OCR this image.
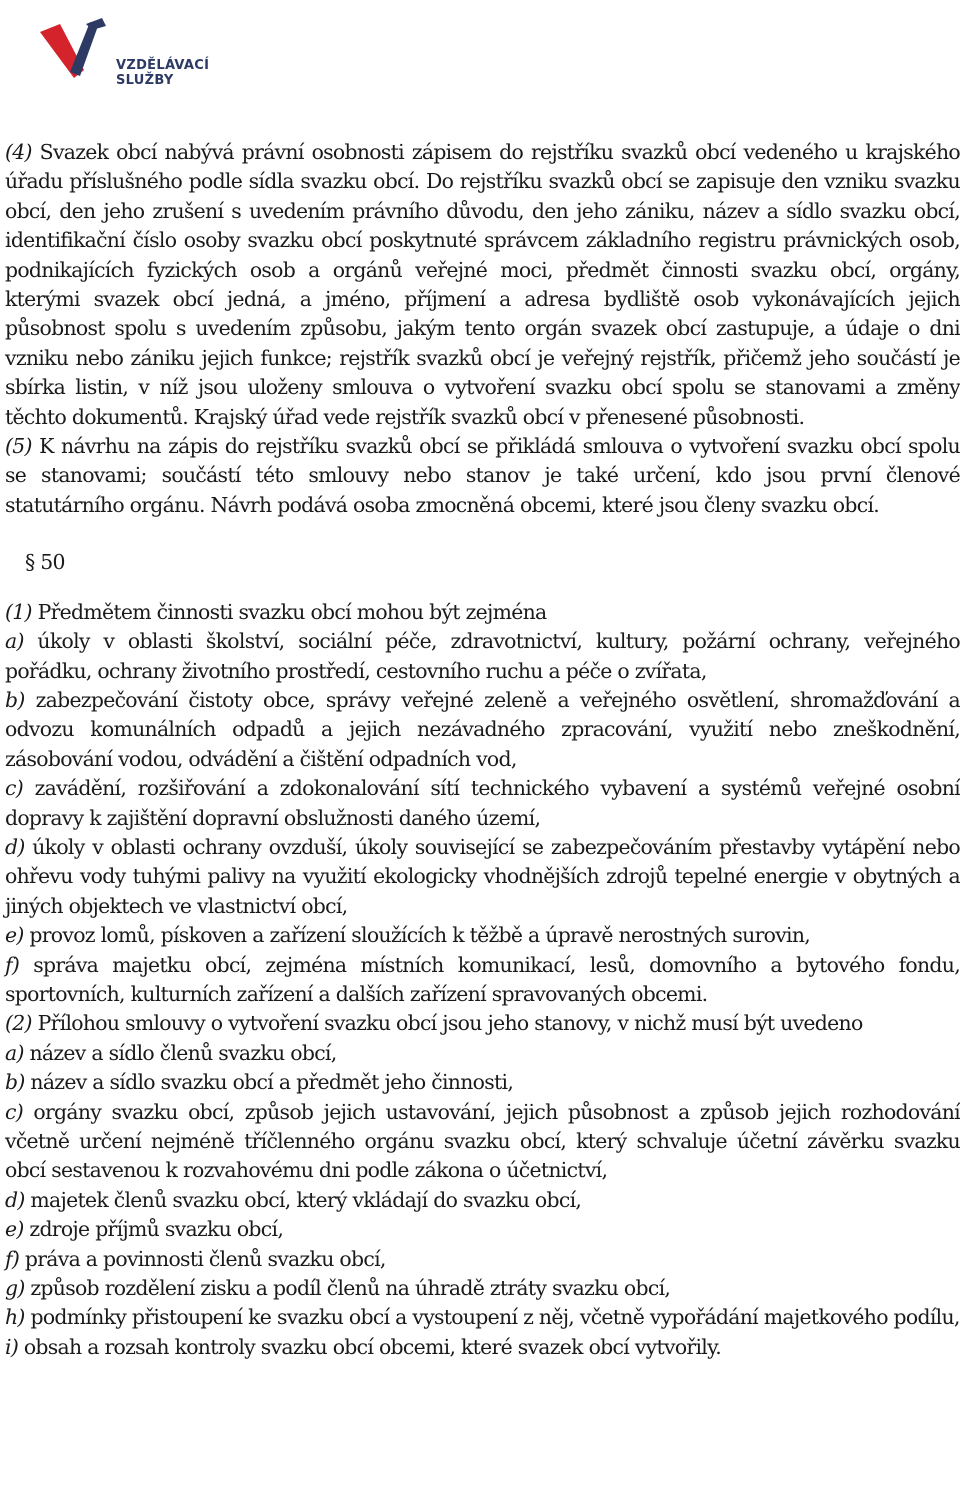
VZDĚLÁVACÍ
SLUŽBY

(4) Svazek obcí nabývá právní osobnosti zápisem do rejstříku svazků obcí vedeného u krajského úřadu příslušného podle sídla svazku obcí. Do rejstříku svazků obcí se zapisuje den vzniku svazku obcí, den jeho zrušení s uvedením právního důvodu, den jeho zániku, název a sídlo svazku obcí, identifikační číslo osoby svazku obcí poskytnuté správcem základního registru právnických osob, podnikajících fyzických osob a orgánů veřejné moci, předmět činnosti svazku obcí, orgány, kterými svazek obcí jedná, a jméno, příjmení a adresa bydliště osob vykonávajících jejich působnost spolu s uvedením způsobu, jakým tento orgán svazek obcí zastupuje, a údaje o dni vzniku nebo zániku jejich funkce; rejstřík svazků obcí je veřejný rejstřík, přičemž jeho součástí je sbírka listin, v níž jsou uloženy smlouva o vytvoření svazku obcí spolu se stanovami a změny těchto dokumentů. Krajský úřad vede rejstřík svazků obcí v přenesené působnosti.

(5) K návrhu na zápis do rejstříku svazků obcí se přikládá smlouva o vytvoření svazku obcí spolu se stanovami; součástí této smlouvy nebo stanov je také určení, kdo jsou první členové statutárního orgánu. Návrh podává osoba zmocněná obcemi, které jsou členy svazku obcí.

§ 50

(1) Předmětem činnosti svazku obcí mohou být zejména

a) úkoly v oblasti školství, sociální péče, zdravotnictví, kultury, požární ochrany, veřejného pořádku, ochrany životního prostředí, cestovního ruchu a péče o zvířata,

b) zabezpečování čistoty obce, správy veřejné zeleně a veřejného osvětlení, shromažďování a odvozu komunálních odpadů a jejich nezávadného zpracování, využití nebo zneškodnění, zásobování vodou, odvádění a čištění odpadních vod,

c) zavádění, rozšiřování a zdokonalování sítí technického vybavení a systémů veřejné osobní dopravy k zajištění dopravní obslužnosti daného území,

d) úkoly v oblasti ochrany ovzduší, úkoly související se zabezpečováním přestavby vytápění nebo ohřevu vody tuhými palivy na využití ekologicky vhodnějších zdrojů tepelné energie v obytných a jiných objektech ve vlastnictví obcí,

e) provoz lomů, pískoven a zařízení sloužících k těžbě a úpravě nerostných surovin,

f) správa majetku obcí, zejména místních komunikací, lesů, domovního a bytového fondu, sportovních, kulturních zařízení a dalších zařízení spravovaných obcemi.

(2) Přílohou smlouvy o vytvoření svazku obcí jsou jeho stanovy, v nichž musí být uvedeno

a) název a sídlo členů svazku obcí,

b) název a sídlo svazku obcí a předmět jeho činnosti,

c) orgány svazku obcí, způsob jejich ustavování, jejich působnost a způsob jejich rozhodování včetně určení nejméně tříčlenného orgánu svazku obcí, který schvaluje účetní závěrku svazku obcí sestavenou k rozvahovému dni podle zákona o účetnictví,

d) majetek členů svazku obcí, který vkládají do svazku obcí,

e) zdroje příjmů svazku obcí,

f) práva a povinnosti členů svazku obcí,

g) způsob rozdělení zisku a podíl členů na úhradě ztráty svazku obcí,

h) podmínky přistoupení ke svazku obcí a vystoupení z něj, včetně vypořádání majetkového podílu,

i) obsah a rozsah kontroly svazku obcí obcemi, které svazek obcí vytvořily.
